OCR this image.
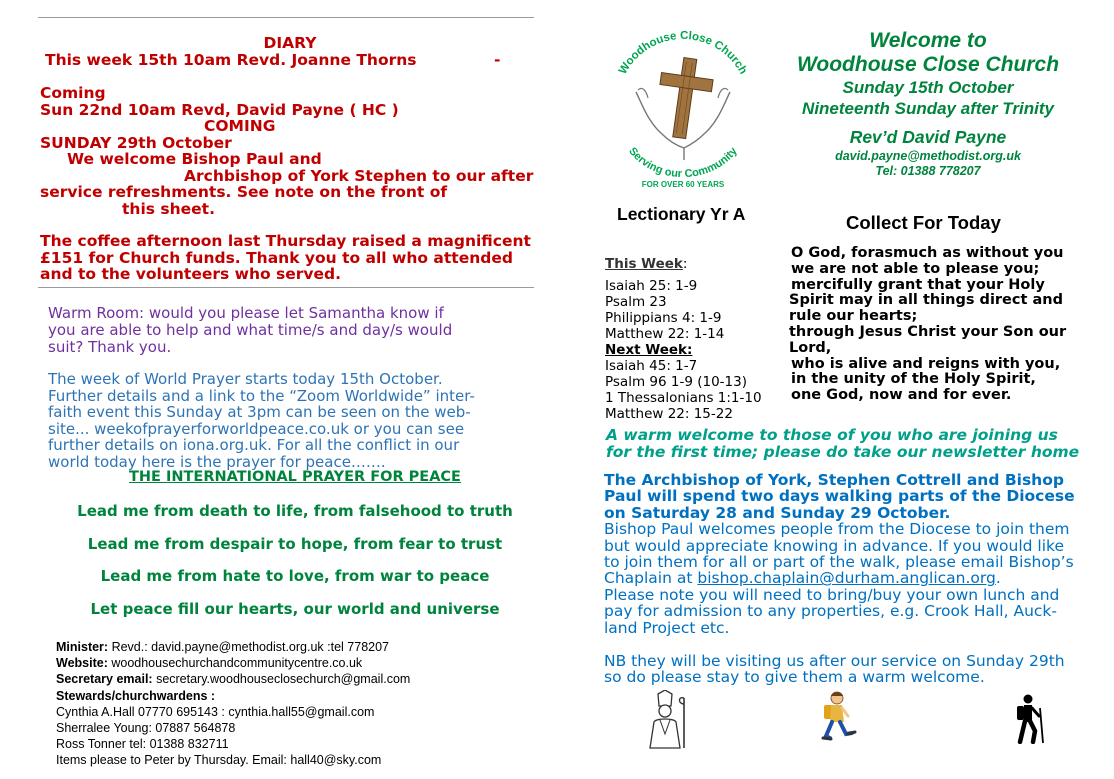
DIARY
This week 15th 10am Revd. Joanne Thorns	-
Coming
Sun 22nd 10am Revd, David Payne ( HC )
COMING
SUNDAY 29th October
We welcome Bishop Paul and
Archbishop of York Stephen to our after
service refreshments. See note on the front of
this sheet.
The coffee afternoon last Thursday raised a magnificent
£151 for Church funds. Thank you to all who attended
and to the volunteers who served.
Warm Room: would you please let Samantha know if
you are able to help and what time/s and day/s would
suit? Thank you.
The week of World Prayer starts today 15th October.
Further details and a link to the “Zoom Worldwide” inter-
faith event this Sunday at 3pm can be seen on the web-
site... weekofprayerforworldpeace.co.uk or you can see
further details on iona.org.uk. For all the conflict in our
world today here is the prayer for peace…….
THE INTERNATIONAL PRAYER FOR PEACE
Lead me from death to life, from falsehood to truth
Lead me from despair to hope, from fear to trust
Lead me from hate to love, from war to peace
Let peace fill our hearts, our world and universe
Minister: Revd.: david.payne@methodist.org.uk :tel 778207
Website: woodhousechurchandcommunitycentre.co.uk
Secretary email: secretary.woodhouseclosechurch@gmail.com
Stewards/churchwardens :
Cynthia A.Hall 07770 695143 : cynthia.hall55@gmail.com
Sherralee Young: 07887 564878
Ross Tonner tel: 01388 832711
Items please to Peter by Thursday. Email: hall40@sky.com
Woodhouse Close Church
Serving our Community
FOR OVER 60 YEARS
Welcome to
Woodhouse Close Church
Sunday 15th October
Nineteenth Sunday after Trinity
Rev’d David Payne
david.payne@methodist.org.uk
Tel: 01388 778207
Lectionary Yr A
This Week:
Isaiah 25: 1-9
Psalm 23
Philippians 4: 1-9
Matthew 22: 1-14
Next Week:
Isaiah 45: 1-7
Psalm 96 1-9 (10-13)
1 Thessalonians 1:1-10
Matthew 22: 15-22
Collect For Today
O God, forasmuch as without you
we are not able to please you;
mercifully grant that your Holy
Spirit may in all things direct and
rule our hearts;
through Jesus Christ your Son our
Lord,
who is alive and reigns with you,
in the unity of the Holy Spirit,
one God, now and for ever.
A warm welcome to those of you who are joining us
for the first time; please do take our newsletter home
The Archbishop of York, Stephen Cottrell and Bishop
Paul will spend two days walking parts of the Diocese
on Saturday 28 and Sunday 29 October.
Bishop Paul welcomes people from the Diocese to join them
but would appreciate knowing in advance. If you would like
to join them for all or part of the walk, please email Bishop’s
Chaplain at bishop.chaplain@durham.anglican.org.
Please note you will need to bring/buy your own lunch and
pay for admission to any properties, e.g. Crook Hall, Auck-
land Project etc.
NB they will be visiting us after our service on Sunday 29th
so do please stay to give them a warm welcome.
